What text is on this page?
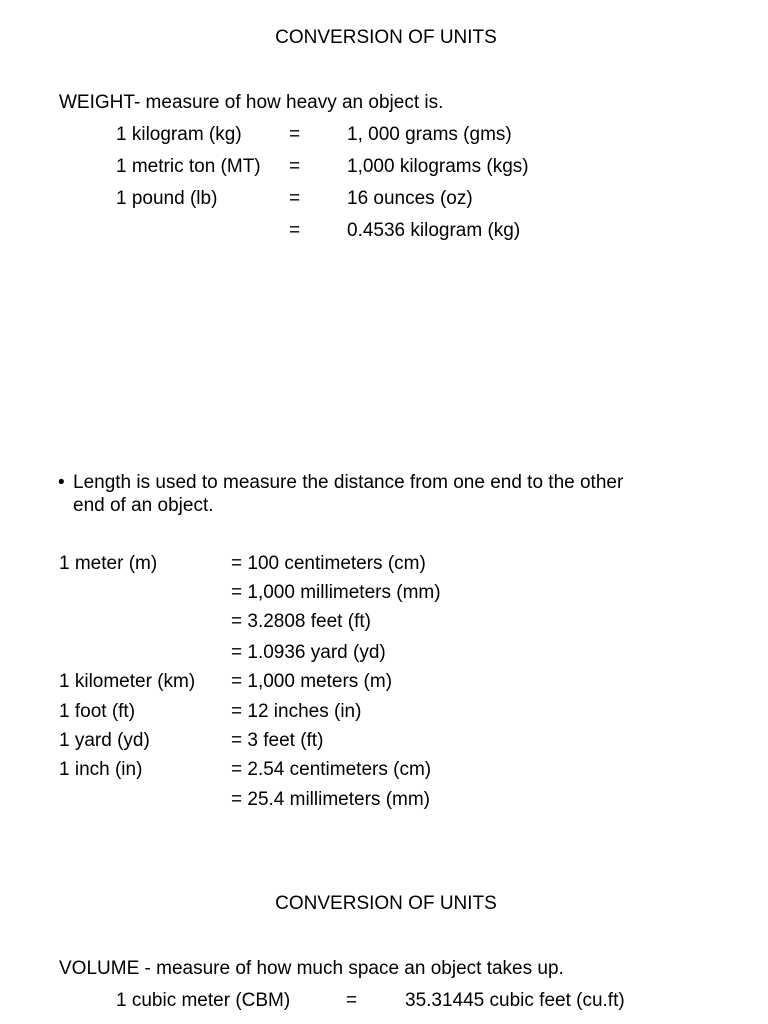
CONVERSION OF UNITS
WEIGHT- measure of how heavy an object is.
1 kilogram (kg) = 1, 000 grams (gms)
1 metric ton (MT) = 1,000 kilograms (kgs)
1 pound (lb)	= 16 ounces (oz)
= 0.4536 kilogram (kg)
• Length is used to measure the distance from one end to the other
end of an object.
1 meter (m)	= 100 centimeters (cm)
= 1,000 millimeters (mm)
= 3.2808 feet (ft)
= 1.0936 yard (yd)
1 kilometer (km) = 1,000 meters (m)
1 foot (ft)	= 12 inches (in)
1 yard (yd)	= 3 feet (ft)
1 inch (in)	= 2.54 centimeters (cm)
= 25.4 millimeters (mm)
CONVERSION OF UNITS
VOLUME - measure of how much space an object takes up.
1 cubic meter (CBM)	=	35.31445 cubic feet (cu.ft)
